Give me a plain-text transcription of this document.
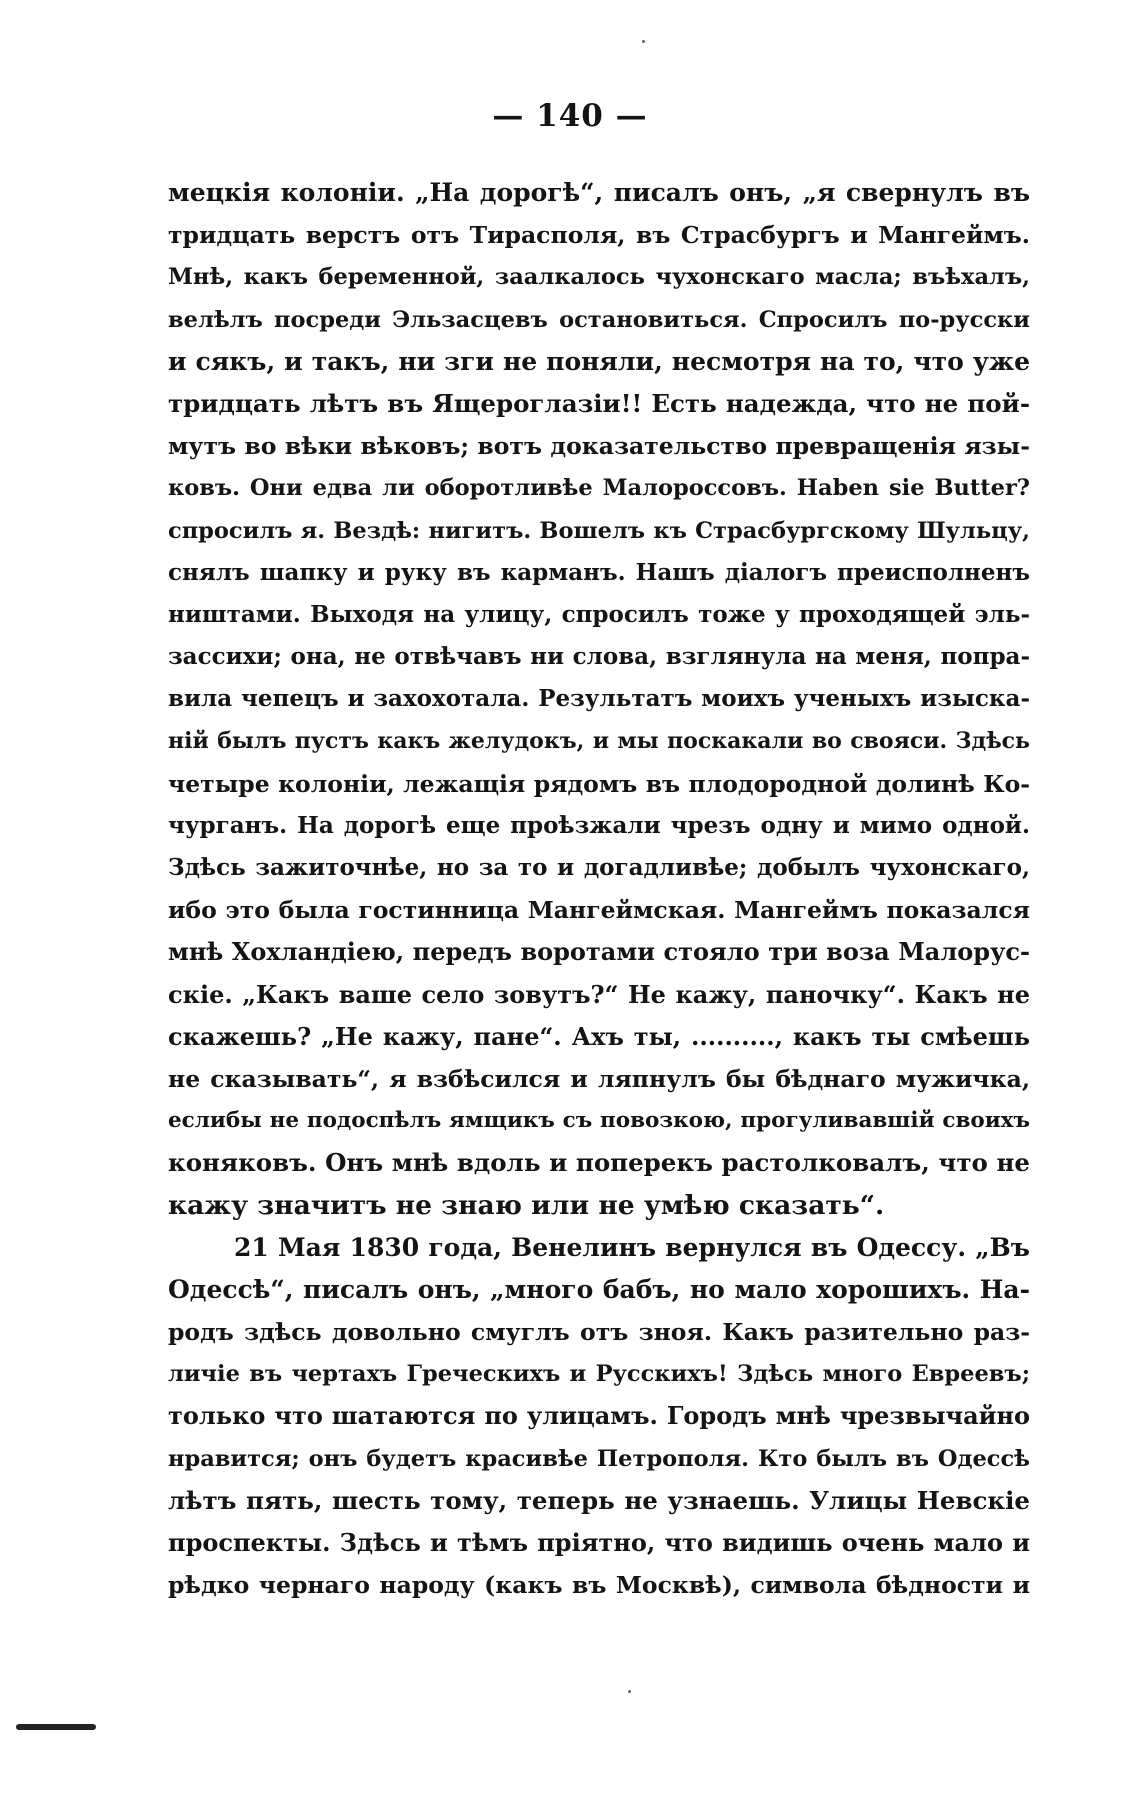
— 140 —
мецкія колоніи. „На дорогѣ“, писалъ онъ, „я свернулъ въ
тридцать верстъ отъ Тирасполя, въ Страсбургъ и Мангеймъ.
Мнѣ, какъ беременной, заалкалось чухонскаго масла; въѣхалъ,
велѣлъ посреди Эльзасцевъ остановиться. Спросилъ по-русски
и сякъ, и такъ, ни зги не поняли, несмотря на то, что уже
тридцать лѣтъ въ Ящероглазіи!! Есть надежда, что не пой-
мутъ во вѣки вѣковъ; вотъ доказательство превращенія язы-
ковъ. Они едва ли оборотливѣе Малороссовъ. Haben sie Butter?
спросилъ я. Вездѣ: нигитъ. Вошелъ къ Страсбургскому Шульцу,
снялъ шапку и руку въ карманъ. Нашъ діалогъ преисполненъ
ништами. Выходя на улицу, спросилъ тоже у проходящей эль-
зассихи; она, не отвѣчавъ ни слова, взглянула на меня, попра-
вила чепецъ и захохотала. Результатъ моихъ ученыхъ изыска-
ній былъ пустъ какъ желудокъ, и мы поскакали во свояси. Здѣсь
четыре колоніи, лежащія рядомъ въ плодородной долинѣ Ко-
чурганъ. На дорогѣ еще проѣзжали чрезъ одну и мимо одной.
Здѣсь зажиточнѣе, но за то и догадливѣе; добылъ чухонскаго,
ибо это была гостинница Мангеймская. Мангеймъ показался
мнѣ Хохландіею, передъ воротами стояло три воза Малорус-
скіе. „Какъ ваше село зовутъ?“ Не кажу, паночку“. Какъ не
скажешь? „Не кажу, пане“. Ахъ ты, .........., какъ ты смѣешь
не сказывать“, я взбѣсился и ляпнулъ бы бѣднаго мужичка,
еслибы не подоспѣлъ ямщикъ съ повозкою, прогуливавшій своихъ
коняковъ. Онъ мнѣ вдоль и поперекъ растолковалъ, что не
кажу значитъ не знаю или не умѣю сказать“.
21 Мая 1830 года, Венелинъ вернулся въ Одессу. „Въ
Одессѣ“, писалъ онъ, „много бабъ, но мало хорошихъ. На-
родъ здѣсь довольно смуглъ отъ зноя. Какъ разительно раз-
личіе въ чертахъ Греческихъ и Русскихъ! Здѣсь много Евреевъ;
только что шатаются по улицамъ. Городъ мнѣ чрезвычайно
нравится; онъ будетъ красивѣе Петрополя. Кто былъ въ Одессѣ
лѣтъ пять, шесть тому, теперь не узнаешь. Улицы Невскіе
проспекты. Здѣсь и тѣмъ пріятно, что видишь очень мало и
рѣдко чернаго народу (какъ въ Москвѣ), символа бѣдности и
